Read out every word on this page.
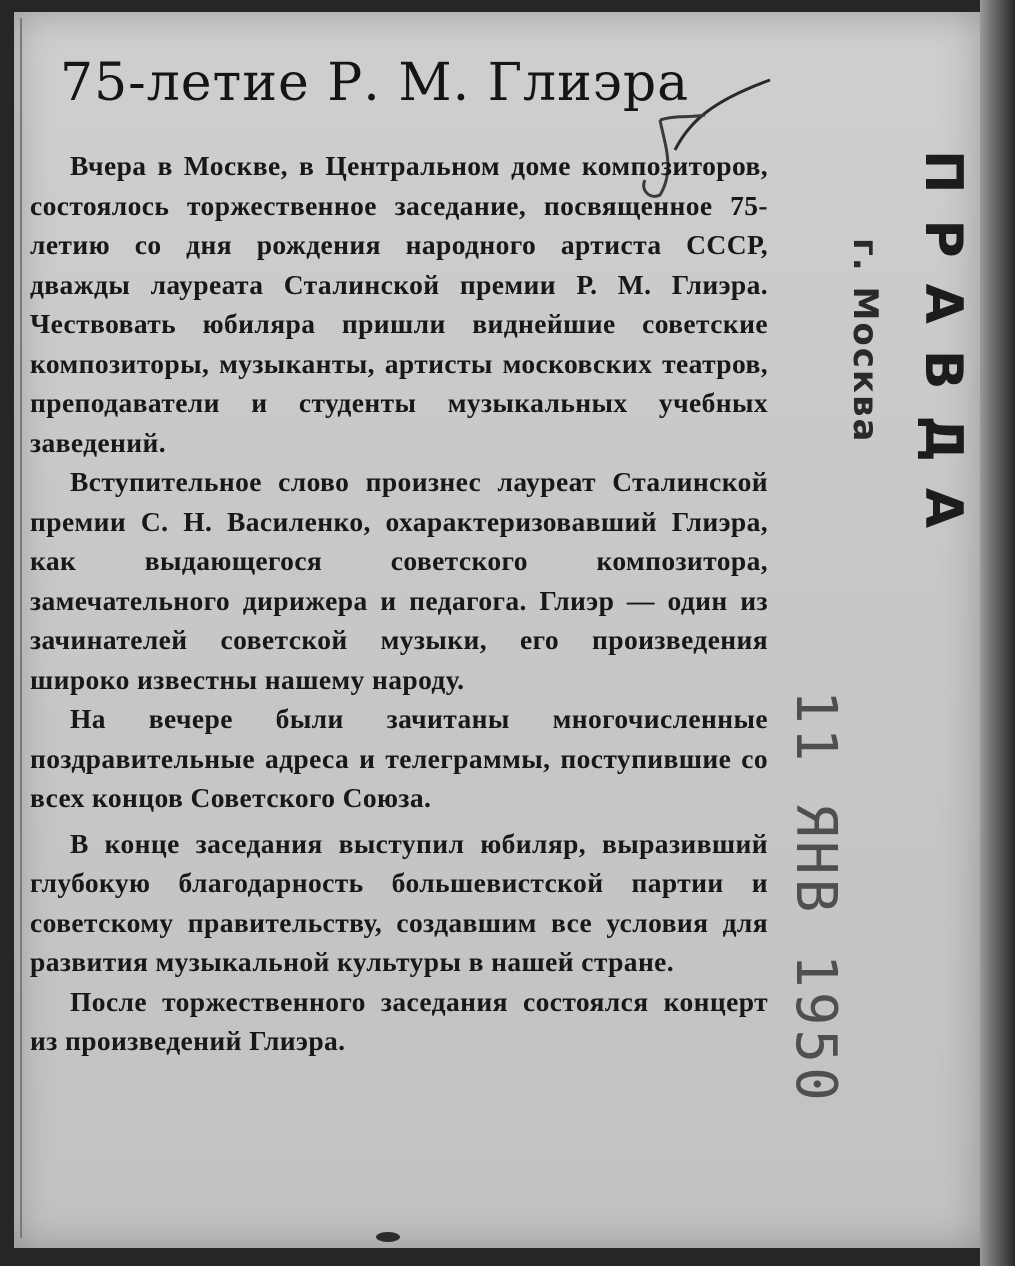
75-летие Р. М. Глиэра

Вчера в Москве, в Центральном доме композиторов, состоялось торжественное заседание, посвященное 75-летию со дня рождения народного артиста СССР, дважды лауреата Сталинской премии Р. М. Глиэра. Чествовать юбиляра пришли виднейшие советские композиторы, музыканты, артисты московских театров, преподаватели и студенты музыкальных учебных заведений.

Вступительное слово произнес лауреат Сталинской премии С. Н. Василенко, охарактеризовавший Глиэра, как выдающегося советского композитора, замечательного дирижера и педагога. Глиэр — один из зачинателей советской музыки, его произведения широко известны нашему народу.

На вечере были зачитаны многочисленные поздравительные адреса и телеграммы, поступившие со всех концов Советского Союза.

В конце заседания выступил юбиляр, выразивший глубокую благодарность большевистской партии и советскому правительству, создавшим все условия для развития музыкальной культуры в нашей стране.

После торжественного заседания состоялся концерт из произведений Глиэра.

ПРАВДА
г. Москва
11 ЯНВ 1950
